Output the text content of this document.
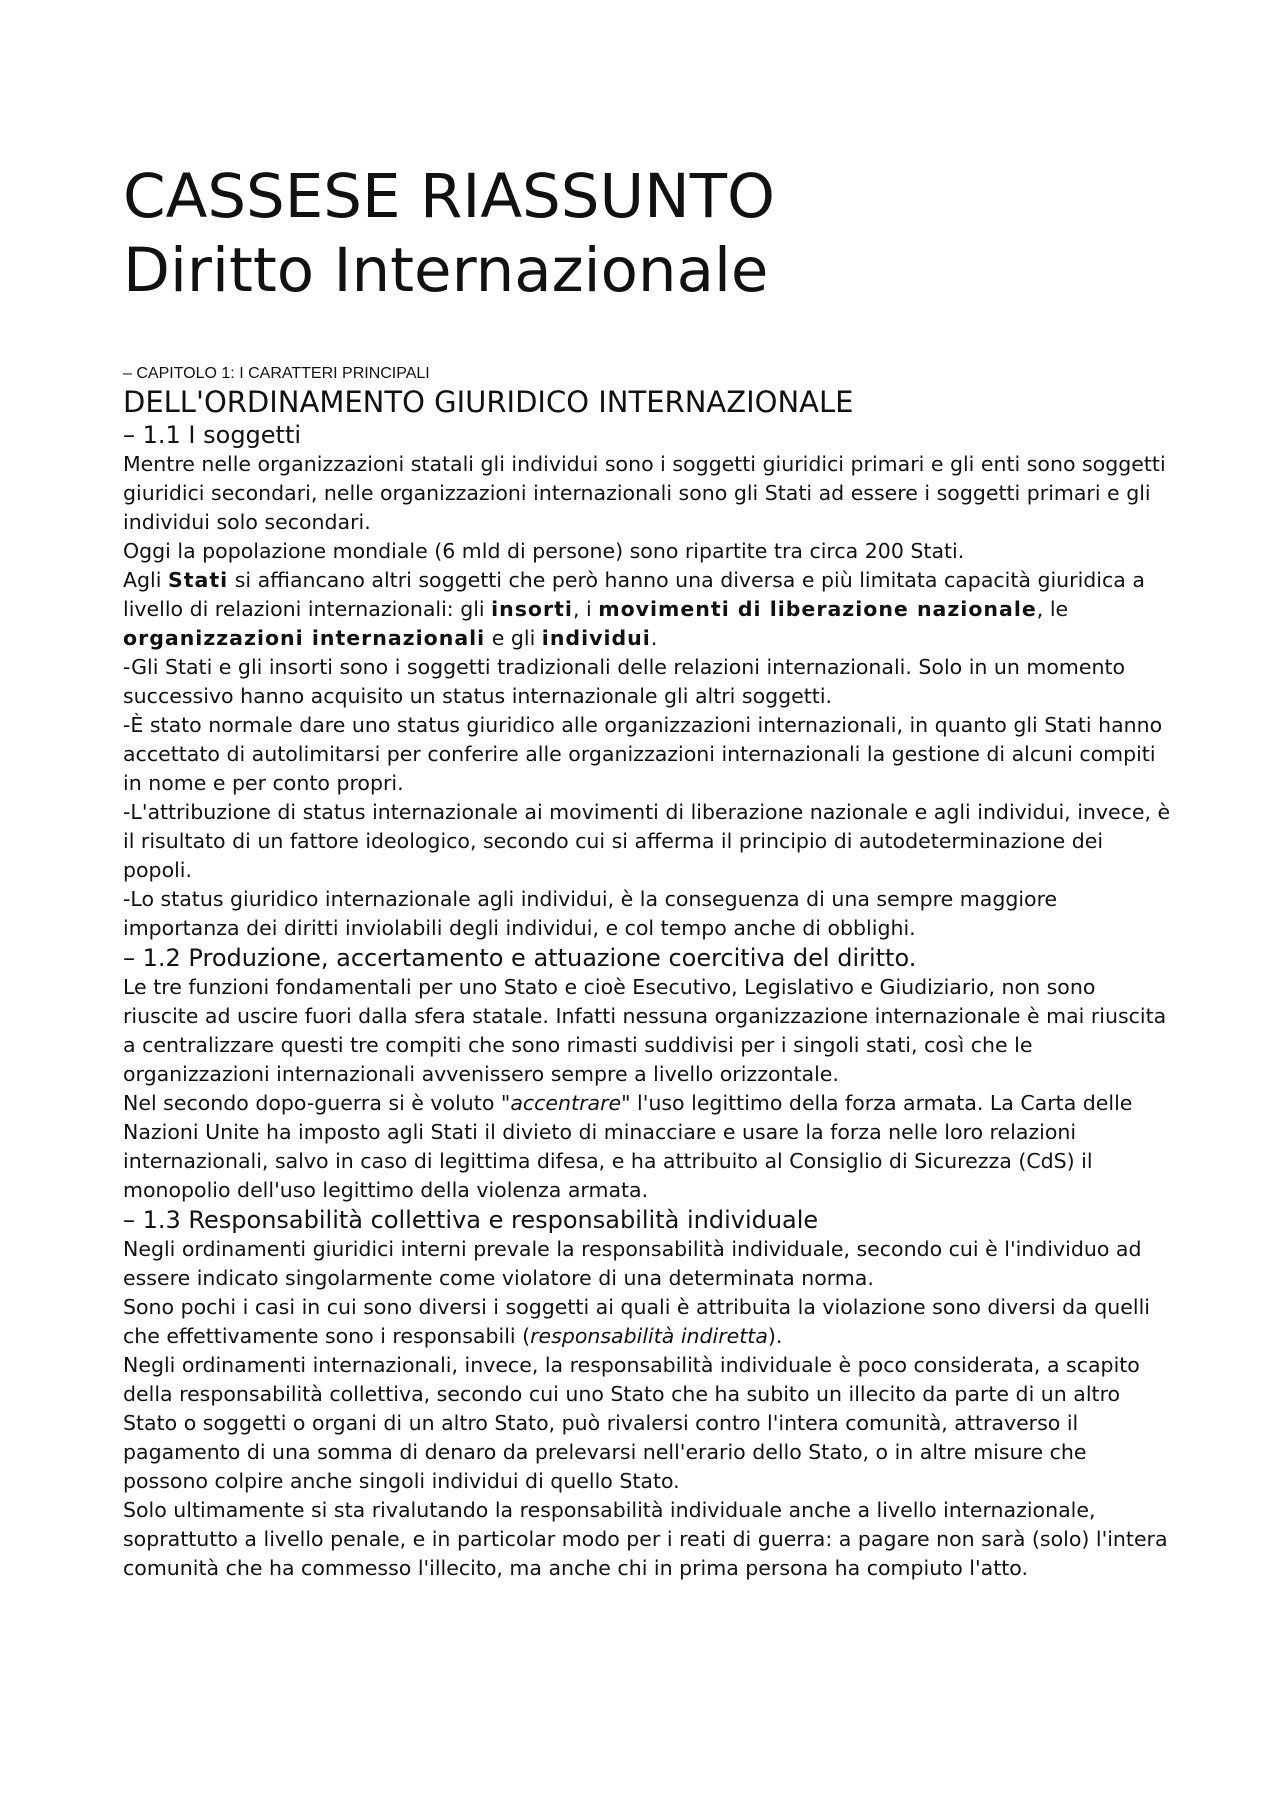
CASSESE RIASSUNTO
Diritto Internazionale
– CAPITOLO 1: I CARATTERI PRINCIPALI
DELL'ORDINAMENTO GIURIDICO INTERNAZIONALE
– 1.1 I soggetti

Mentre nelle organizzazioni statali gli individui sono i soggetti giuridici primari e gli enti sono soggetti giuridici secondari, nelle organizzazioni internazionali sono gli Stati ad essere i soggetti primari e gli individui solo secondari.

Oggi la popolazione mondiale (6 mld di persone) sono ripartite tra circa 200 Stati.

Agli Stati si affiancano altri soggetti che però hanno una diversa e più limitata capacità giuridica a livello di relazioni internazionali: gli insorti, i movimenti di liberazione nazionale, le organizzazioni internazionali e gli individui.

-Gli Stati e gli insorti sono i soggetti tradizionali delle relazioni internazionali. Solo in un momento successivo hanno acquisito un status internazionale gli altri soggetti.

-È stato normale dare uno status giuridico alle organizzazioni internazionali, in quanto gli Stati hanno accettato di autolimitarsi per conferire alle organizzazioni internazionali la gestione di alcuni compiti in nome e per conto propri.

-L'attribuzione di status internazionale ai movimenti di liberazione nazionale e agli individui, invece, è il risultato di un fattore ideologico, secondo cui si afferma il principio di autodeterminazione dei popoli.

-Lo status giuridico internazionale agli individui, è la conseguenza di una sempre maggiore importanza dei diritti inviolabili degli individui, e col tempo anche di obblighi.

– 1.2 Produzione, accertamento e attuazione coercitiva del diritto.

Le tre funzioni fondamentali per uno Stato e cioè Esecutivo, Legislativo e Giudiziario, non sono riuscite ad uscire fuori dalla sfera statale. Infatti nessuna organizzazione internazionale è mai riuscita a centralizzare questi tre compiti che sono rimasti suddivisi per i singoli stati, così che le organizzazioni internazionali avvenissero sempre a livello orizzontale.

Nel secondo dopo-guerra si è voluto "accentrare" l'uso legittimo della forza armata. La Carta delle Nazioni Unite ha imposto agli Stati il divieto di minacciare e usare la forza nelle loro relazioni internazionali, salvo in caso di legittima difesa, e ha attribuito al Consiglio di Sicurezza (CdS) il monopolio dell'uso legittimo della violenza armata.

– 1.3 Responsabilità collettiva e responsabilità individuale

Negli ordinamenti giuridici interni prevale la responsabilità individuale, secondo cui è l'individuo ad essere indicato singolarmente come violatore di una determinata norma.

Sono pochi i casi in cui sono diversi i soggetti ai quali è attribuita la violazione sono diversi da quelli che effettivamente sono i responsabili (responsabilità indiretta).

Negli ordinamenti internazionali, invece, la responsabilità individuale è poco considerata, a scapito della responsabilità collettiva, secondo cui uno Stato che ha subito un illecito da parte di un altro Stato o soggetti o organi di un altro Stato, può rivalersi contro l'intera comunità, attraverso il pagamento di una somma di denaro da prelevarsi nell'erario dello Stato, o in altre misure che possono colpire anche singoli individui di quello Stato.

Solo ultimamente si sta rivalutando la responsabilità individuale anche a livello internazionale, soprattutto a livello penale, e in particolar modo per i reati di guerra: a pagare non sarà (solo) l'intera comunità che ha commesso l'illecito, ma anche chi in prima persona ha compiuto l'atto.
